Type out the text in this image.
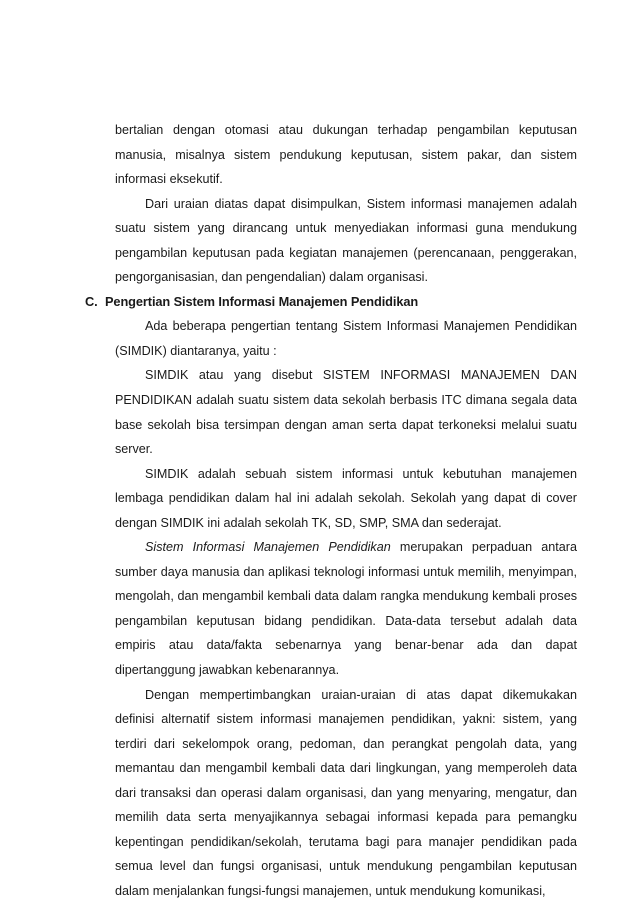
bertalian dengan otomasi atau dukungan terhadap pengambilan keputusan manusia, misalnya sistem pendukung keputusan, sistem pakar, dan sistem informasi eksekutif.

Dari uraian diatas dapat disimpulkan, Sistem informasi manajemen adalah suatu sistem yang dirancang untuk menyediakan informasi guna mendukung pengambilan keputusan pada kegiatan manajemen (perencanaan, penggerakan, pengorganisasian, dan pengendalian) dalam organisasi.

C. Pengertian Sistem Informasi Manajemen Pendidikan

Ada beberapa pengertian tentang Sistem Informasi Manajemen Pendidikan (SIMDIK) diantaranya, yaitu :

SIMDIK atau yang disebut SISTEM INFORMASI MANAJEMEN DAN PENDIDIKAN adalah suatu sistem data sekolah berbasis ITC dimana segala data base sekolah bisa tersimpan dengan aman serta dapat terkoneksi melalui suatu server.

SIMDIK adalah sebuah sistem informasi untuk kebutuhan manajemen lembaga pendidikan dalam hal ini adalah sekolah. Sekolah yang dapat di cover dengan SIMDIK ini adalah sekolah TK, SD, SMP, SMA dan sederajat.

Sistem Informasi Manajemen Pendidikan merupakan perpaduan antara sumber daya manusia dan aplikasi teknologi informasi untuk memilih, menyimpan, mengolah, dan mengambil kembali data dalam rangka mendukung kembali proses pengambilan keputusan bidang pendidikan. Data-data tersebut adalah data empiris atau data/fakta sebenarnya yang benar-benar ada dan dapat dipertanggung jawabkan kebenarannya.

Dengan mempertimbangkan uraian-uraian di atas dapat dikemukakan definisi alternatif sistem informasi manajemen pendidikan, yakni: sistem, yang terdiri dari sekelompok orang, pedoman, dan perangkat pengolah data, yang memantau dan mengambil kembali data dari lingkungan, yang memperoleh data dari transaksi dan operasi dalam organisasi, dan yang menyaring, mengatur, dan memilih data serta menyajikannya sebagai informasi kepada para pemangku kepentingan pendidikan/sekolah, terutama bagi para manajer pendidikan pada semua level dan fungsi organisasi, untuk mendukung pengambilan keputusan dalam menjalankan fungsi-fungsi manajemen, untuk mendukung komunikasi,
